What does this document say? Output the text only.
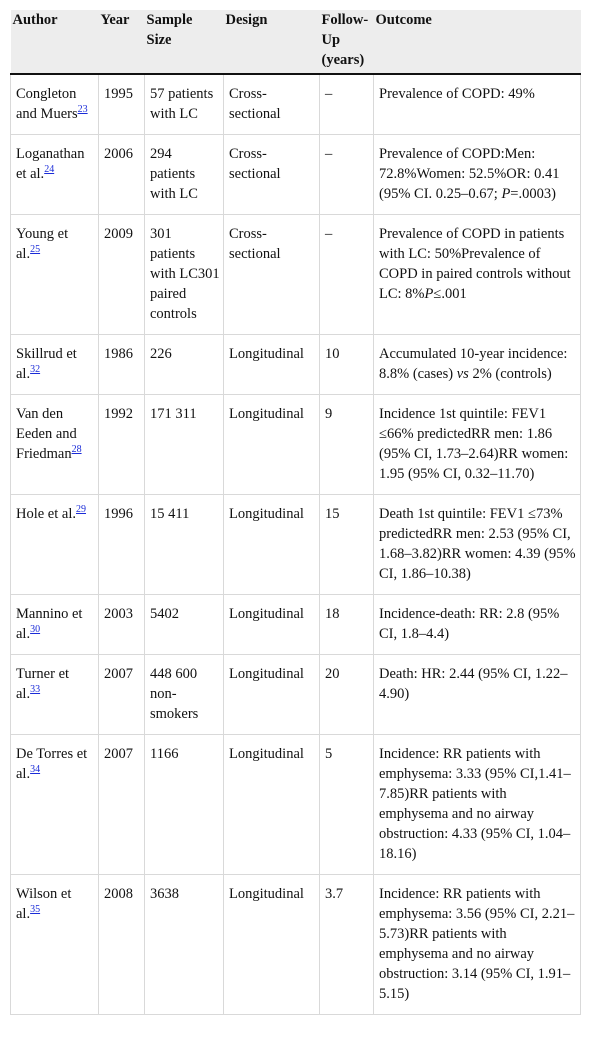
Author	Year	Sample Size	Design	Follow-Up (years)	Outcome
Congleton and Muers$^{23}$	1995	57 patients with LC	Cross-sectional	–	Prevalence of COPD: 49%
Loganathan et al.$^{24}$	2006	294 patients with LC	Cross-sectional	–	Prevalence of COPD:Men: 72.8%Women: 52.5%OR: 0.41 (95% CI. 0.25–0.67; P=.0003)
Young et al.$^{25}$	2009	301 patients with LC301 paired controls	Cross-sectional	–	Prevalence of COPD in patients with LC: 50%Prevalence of COPD in paired controls without LC: 8%P≤.001
Skillrud et al.$^{32}$	1986	226	Longitudinal	10	Accumulated 10-year incidence: 8.8% (cases) vs 2% (controls)
Van den Eeden and Friedman$^{28}$	1992	171 311	Longitudinal	9	Incidence 1st quintile: FEV1 ≤66% predictedRR men: 1.86 (95% CI, 1.73–2.64)RR women: 1.95 (95% CI, 0.32–11.70)
Hole et al.$^{29}$	1996	15 411	Longitudinal	15	Death 1st quintile: FEV1 ≤73% predictedRR men: 2.53 (95% CI, 1.68–3.82)RR women: 4.39 (95% CI, 1.86–10.38)
Mannino et al.$^{30}$	2003	5402	Longitudinal	18	Incidence-death: RR: 2.8 (95% CI, 1.8–4.4)
Turner et al.$^{33}$	2007	448 600 non-smokers	Longitudinal	20	Death: HR: 2.44 (95% CI, 1.22–4.90)
De Torres et al.$^{34}$	2007	1166	Longitudinal	5	Incidence: RR patients with emphysema: 3.33 (95% CI,1.41–7.85)RR patients with emphysema and no airway obstruction: 4.33 (95% CI, 1.04–18.16)
Wilson et al.$^{35}$	2008	3638	Longitudinal	3.7	Incidence: RR patients with emphysema: 3.56 (95% CI, 2.21–5.73)RR patients with emphysema and no airway obstruction: 3.14 (95% CI, 1.91–5.15)
